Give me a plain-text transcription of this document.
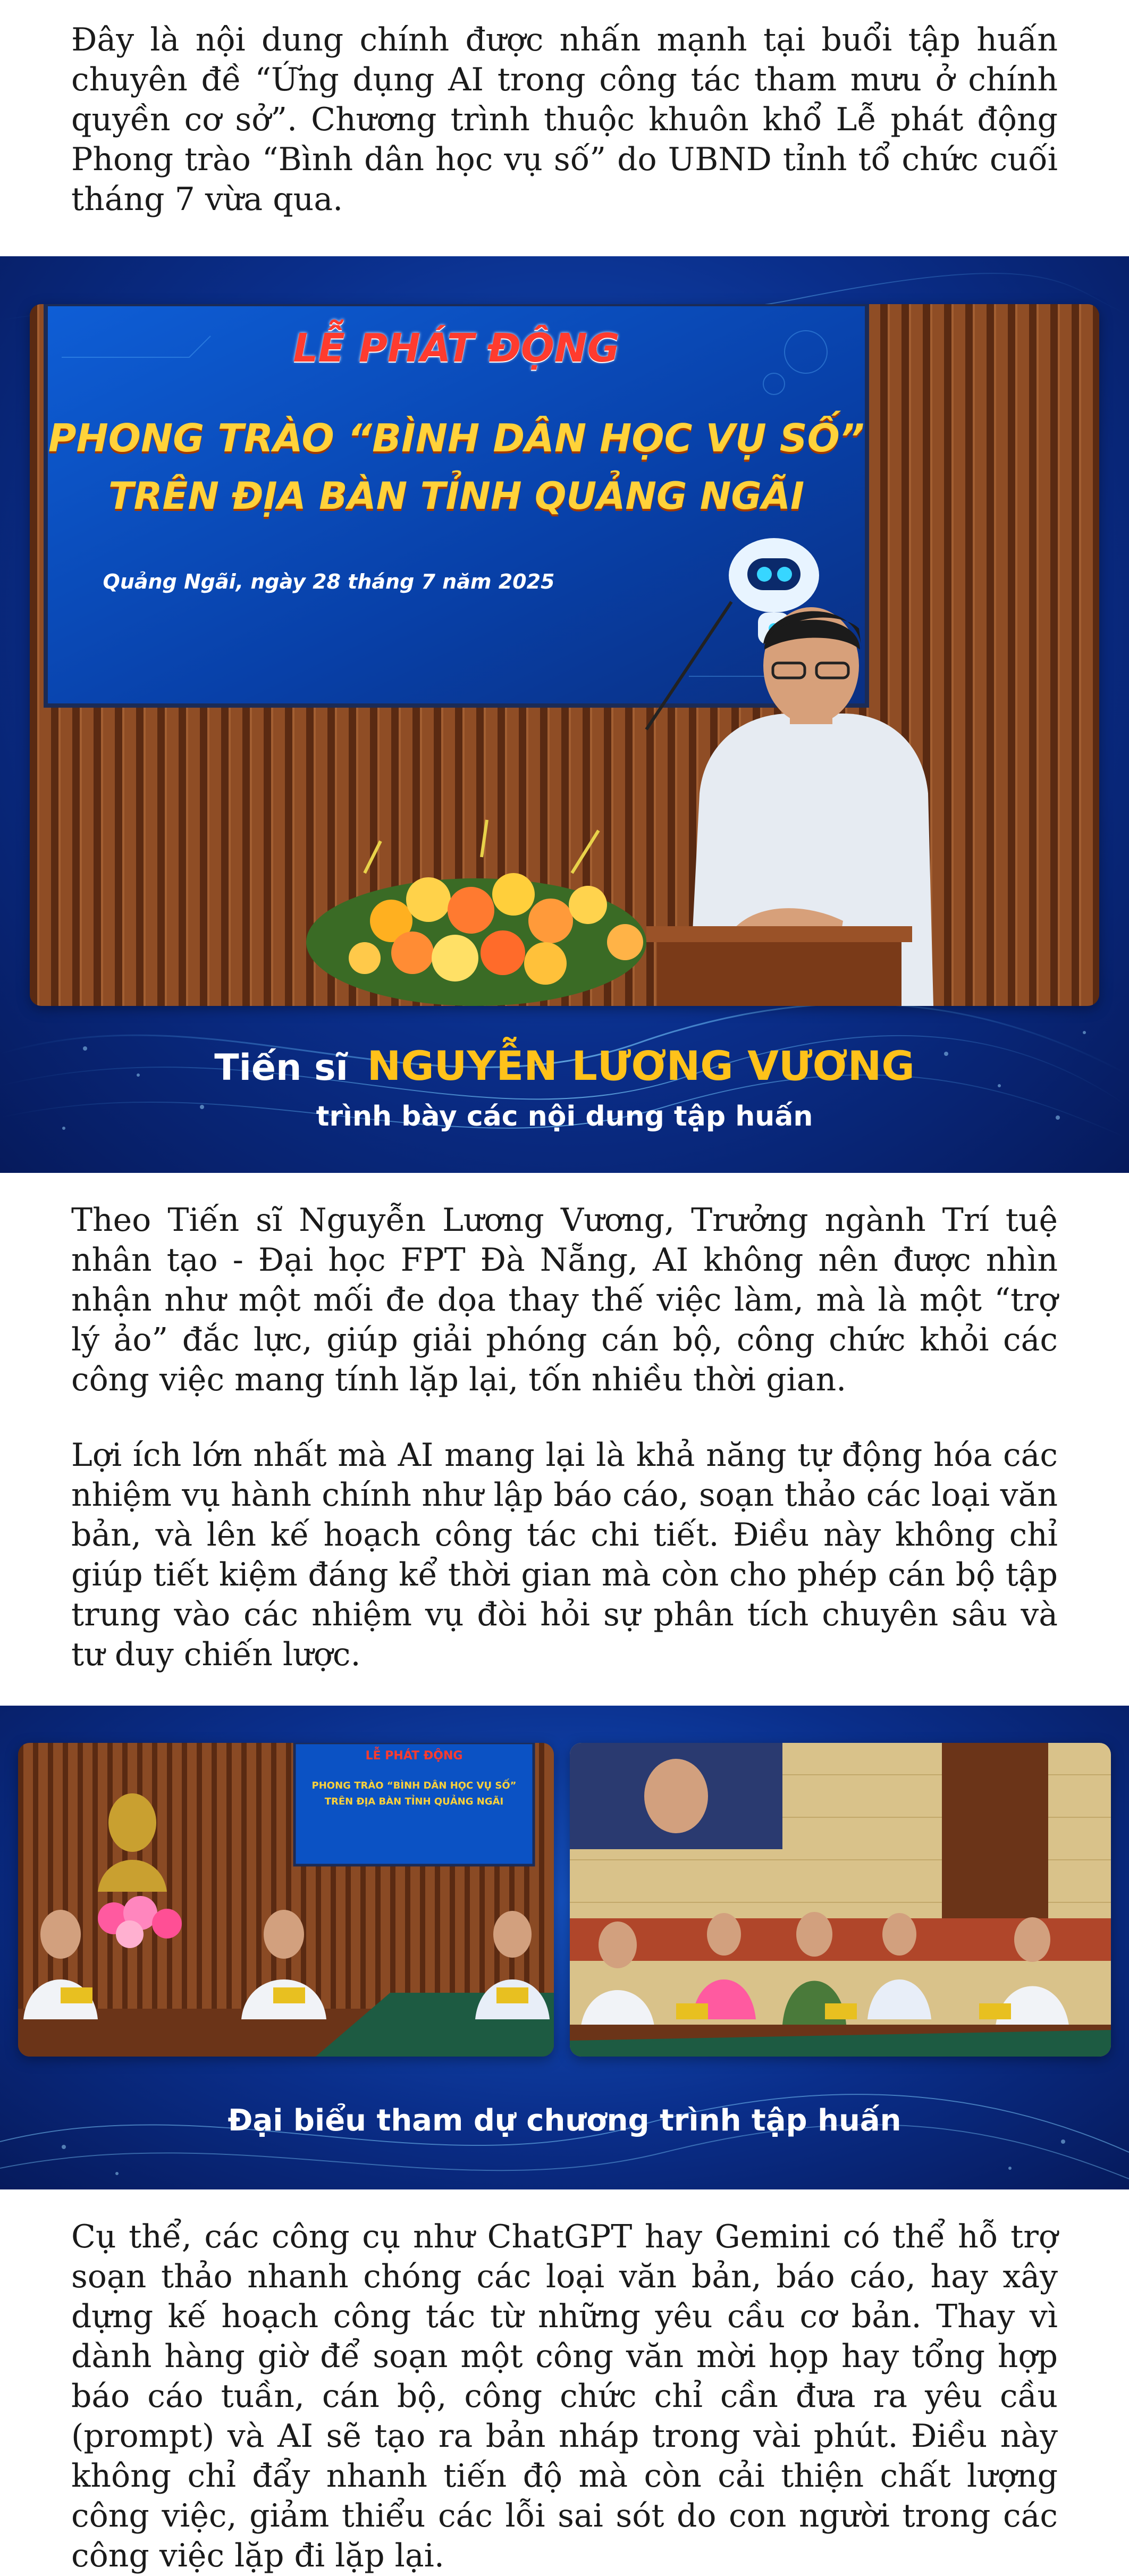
Đây là nội dung chính được nhấn mạnh tại buổi tập huấn chuyên đề “Ứng dụng AI trong công tác tham mưu ở chính quyền cơ sở”. Chương trình thuộc khuôn khổ Lễ phát động Phong trào “Bình dân học vụ số” do UBND tỉnh tổ chức cuối tháng 7 vừa qua.

LỄ PHÁT ĐỘNG
PHONG TRÀO “BÌNH DÂN HỌC VỤ SỐ”
TRÊN ĐỊA BÀN TỈNH QUẢNG NGÃI
Quảng Ngãi, ngày 28 tháng 7 năm 2025
Tiến sĩ NGUYỄN LƯƠNG VƯƠNG
trình bày các nội dung tập huấn

Theo Tiến sĩ Nguyễn Lương Vương, Trưởng ngành Trí tuệ nhân tạo - Đại học FPT Đà Nẵng, AI không nên được nhìn nhận như một mối đe dọa thay thế việc làm, mà là một “trợ lý ảo” đắc lực, giúp giải phóng cán bộ, công chức khỏi các công việc mang tính lặp lại, tốn nhiều thời gian.

Lợi ích lớn nhất mà AI mang lại là khả năng tự động hóa các nhiệm vụ hành chính như lập báo cáo, soạn thảo các loại văn bản, và lên kế hoạch công tác chi tiết. Điều này không chỉ giúp tiết kiệm đáng kể thời gian mà còn cho phép cán bộ tập trung vào các nhiệm vụ đòi hỏi sự phân tích chuyên sâu và tư duy chiến lược.

LỄ PHÁT ĐỘNG
PHONG TRÀO “BÌNH DÂN HỌC VỤ SỐ”
TRÊN ĐỊA BÀN TỈNH QUẢNG NGÃI
Đại biểu tham dự chương trình tập huấn

Cụ thể, các công cụ như ChatGPT hay Gemini có thể hỗ trợ soạn thảo nhanh chóng các loại văn bản, báo cáo, hay xây dựng kế hoạch công tác từ những yêu cầu cơ bản. Thay vì dành hàng giờ để soạn một công văn mời họp hay tổng hợp báo cáo tuần, cán bộ, công chức chỉ cần đưa ra yêu cầu (prompt) và AI sẽ tạo ra bản nháp trong vài phút. Điều này không chỉ đẩy nhanh tiến độ mà còn cải thiện chất lượng công việc, giảm thiểu các lỗi sai sót do con người trong các công việc lặp đi lặp lại.
